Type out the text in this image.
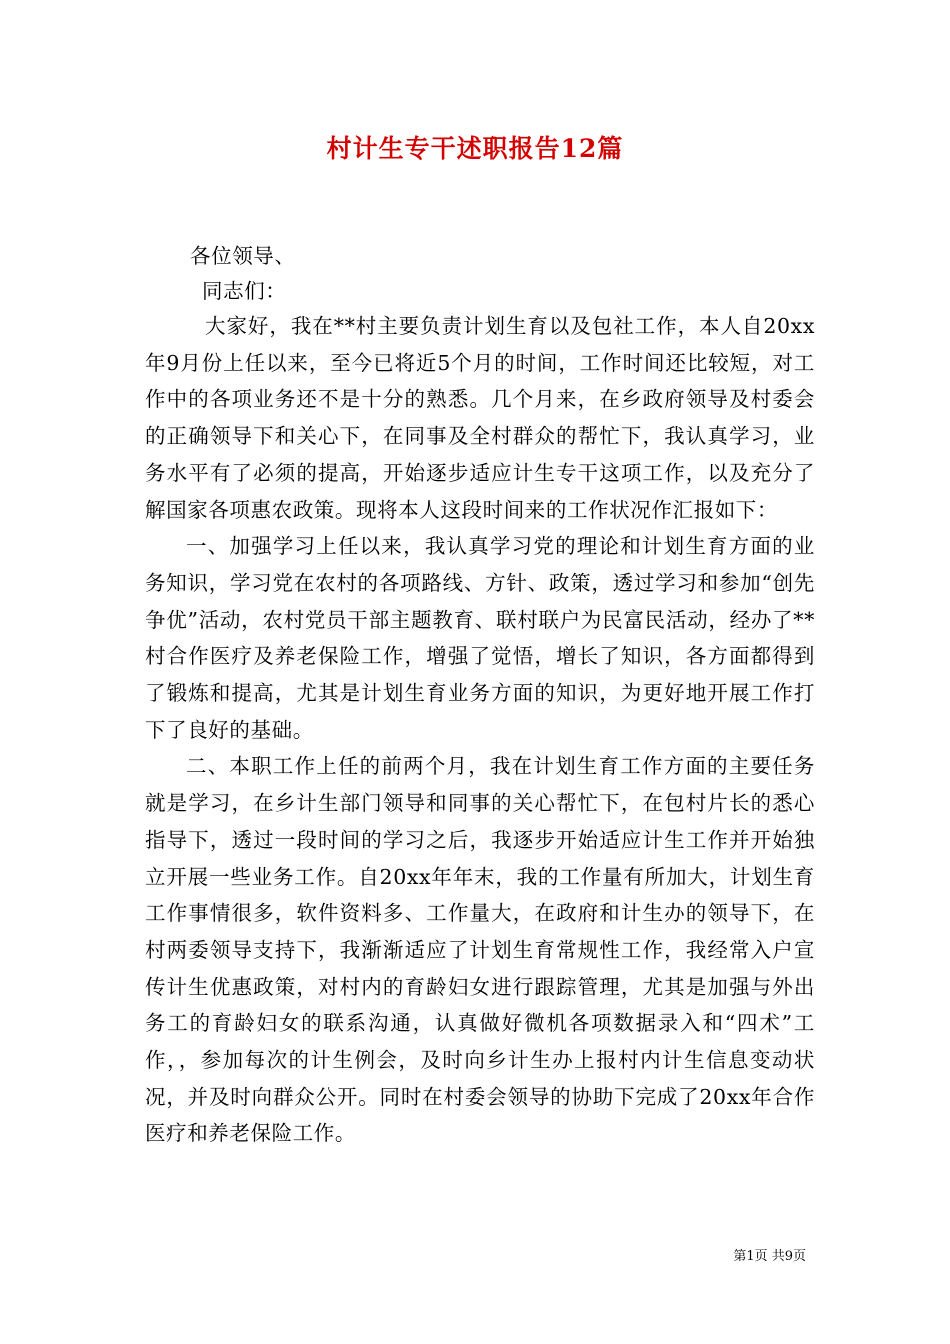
村计生专干述职报告12篇
各位领导、
同志们：

大家好，我在**村主要负责计划生育以及包社工作，本人自20xx年9月份上任以来，至今已将近5个月的时间，工作时间还比较短，对工作中的各项业务还不是十分的熟悉。几个月来，在乡政府领导及村委会的正确领导下和关心下，在同事及全村群众的帮忙下，我认真学习，业务水平有了必须的提高，开始逐步适应计生专干这项工作，以及充分了解国家各项惠农政策。现将本人这段时间来的工作状况作汇报如下：

一、加强学习上任以来，我认真学习党的理论和计划生育方面的业务知识，学习党在农村的各项路线、方针、政策，透过学习和参加“创先争优”活动，农村党员干部主题教育、联村联户为民富民活动，经办了**村合作医疗及养老保险工作，增强了觉悟，增长了知识，各方面都得到了锻炼和提高，尤其是计划生育业务方面的知识，为更好地开展工作打下了良好的基础。

二、本职工作上任的前两个月，我在计划生育工作方面的主要任务就是学习，在乡计生部门领导和同事的关心帮忙下，在包村片长的悉心指导下，透过一段时间的学习之后，我逐步开始适应计生工作并开始独立开展一些业务工作。自20xx年年末，我的工作量有所加大，计划生育工作事情很多，软件资料多、工作量大，在政府和计生办的领导下，在村两委领导支持下，我渐渐适应了计划生育常规性工作，我经常入户宣传计生优惠政策，对村内的育龄妇女进行跟踪管理，尤其是加强与外出务工的育龄妇女的联系沟通，认真做好微机各项数据录入和“四术”工作，，参加每次的计生例会，及时向乡计生办上报村内计生信息变动状况，并及时向群众公开。同时在村委会领导的协助下完成了20xx年合作医疗和养老保险工作。

第1页 共9页
